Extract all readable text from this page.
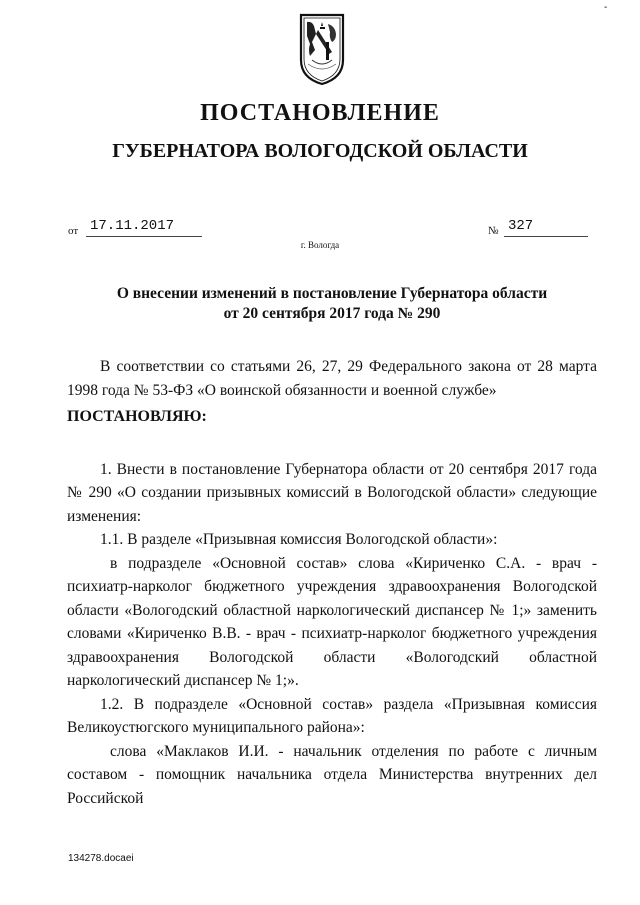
-
ПОСТАНОВЛЕНИЕ
ГУБЕРНАТОРА ВОЛОГОДСКОЙ ОБЛАСТИ
от 17.11.2017	№ 327
г. Вологда
О внесении изменений в постановление Губернатора области
от 20 сентября 2017 года № 290

В соответствии со статьями 26, 27, 29 Федерального закона от 28 марта 1998 года № 53-ФЗ «О воинской обязанности и военной службе»

ПОСТАНОВЛЯЮ:

1. Внести в постановление Губернатора области от 20 сентября 2017 года № 290 «О создании призывных комиссий в Вологодской области» следующие изменения:

1.1. В разделе «Призывная комиссия Вологодской области»:

в подразделе «Основной состав» слова «Кириченко С.А. - врач - психиатр-нарколог бюджетного учреждения здравоохранения Вологодской области «Вологодский областной наркологический диспансер № 1;» заменить словами «Кириченко В.В. - врач - психиатр-нарколог бюджетного учреждения здравоохранения Вологодской области «Вологодский областной наркологический диспансер № 1;».

1.2. В подразделе «Основной состав» раздела «Призывная комиссия Великоустюгского муниципального района»:

слова «Маклаков И.И. - начальник отделения по работе с личным составом - помощник начальника отдела Министерства внутренних дел Российской

134278.docaei
